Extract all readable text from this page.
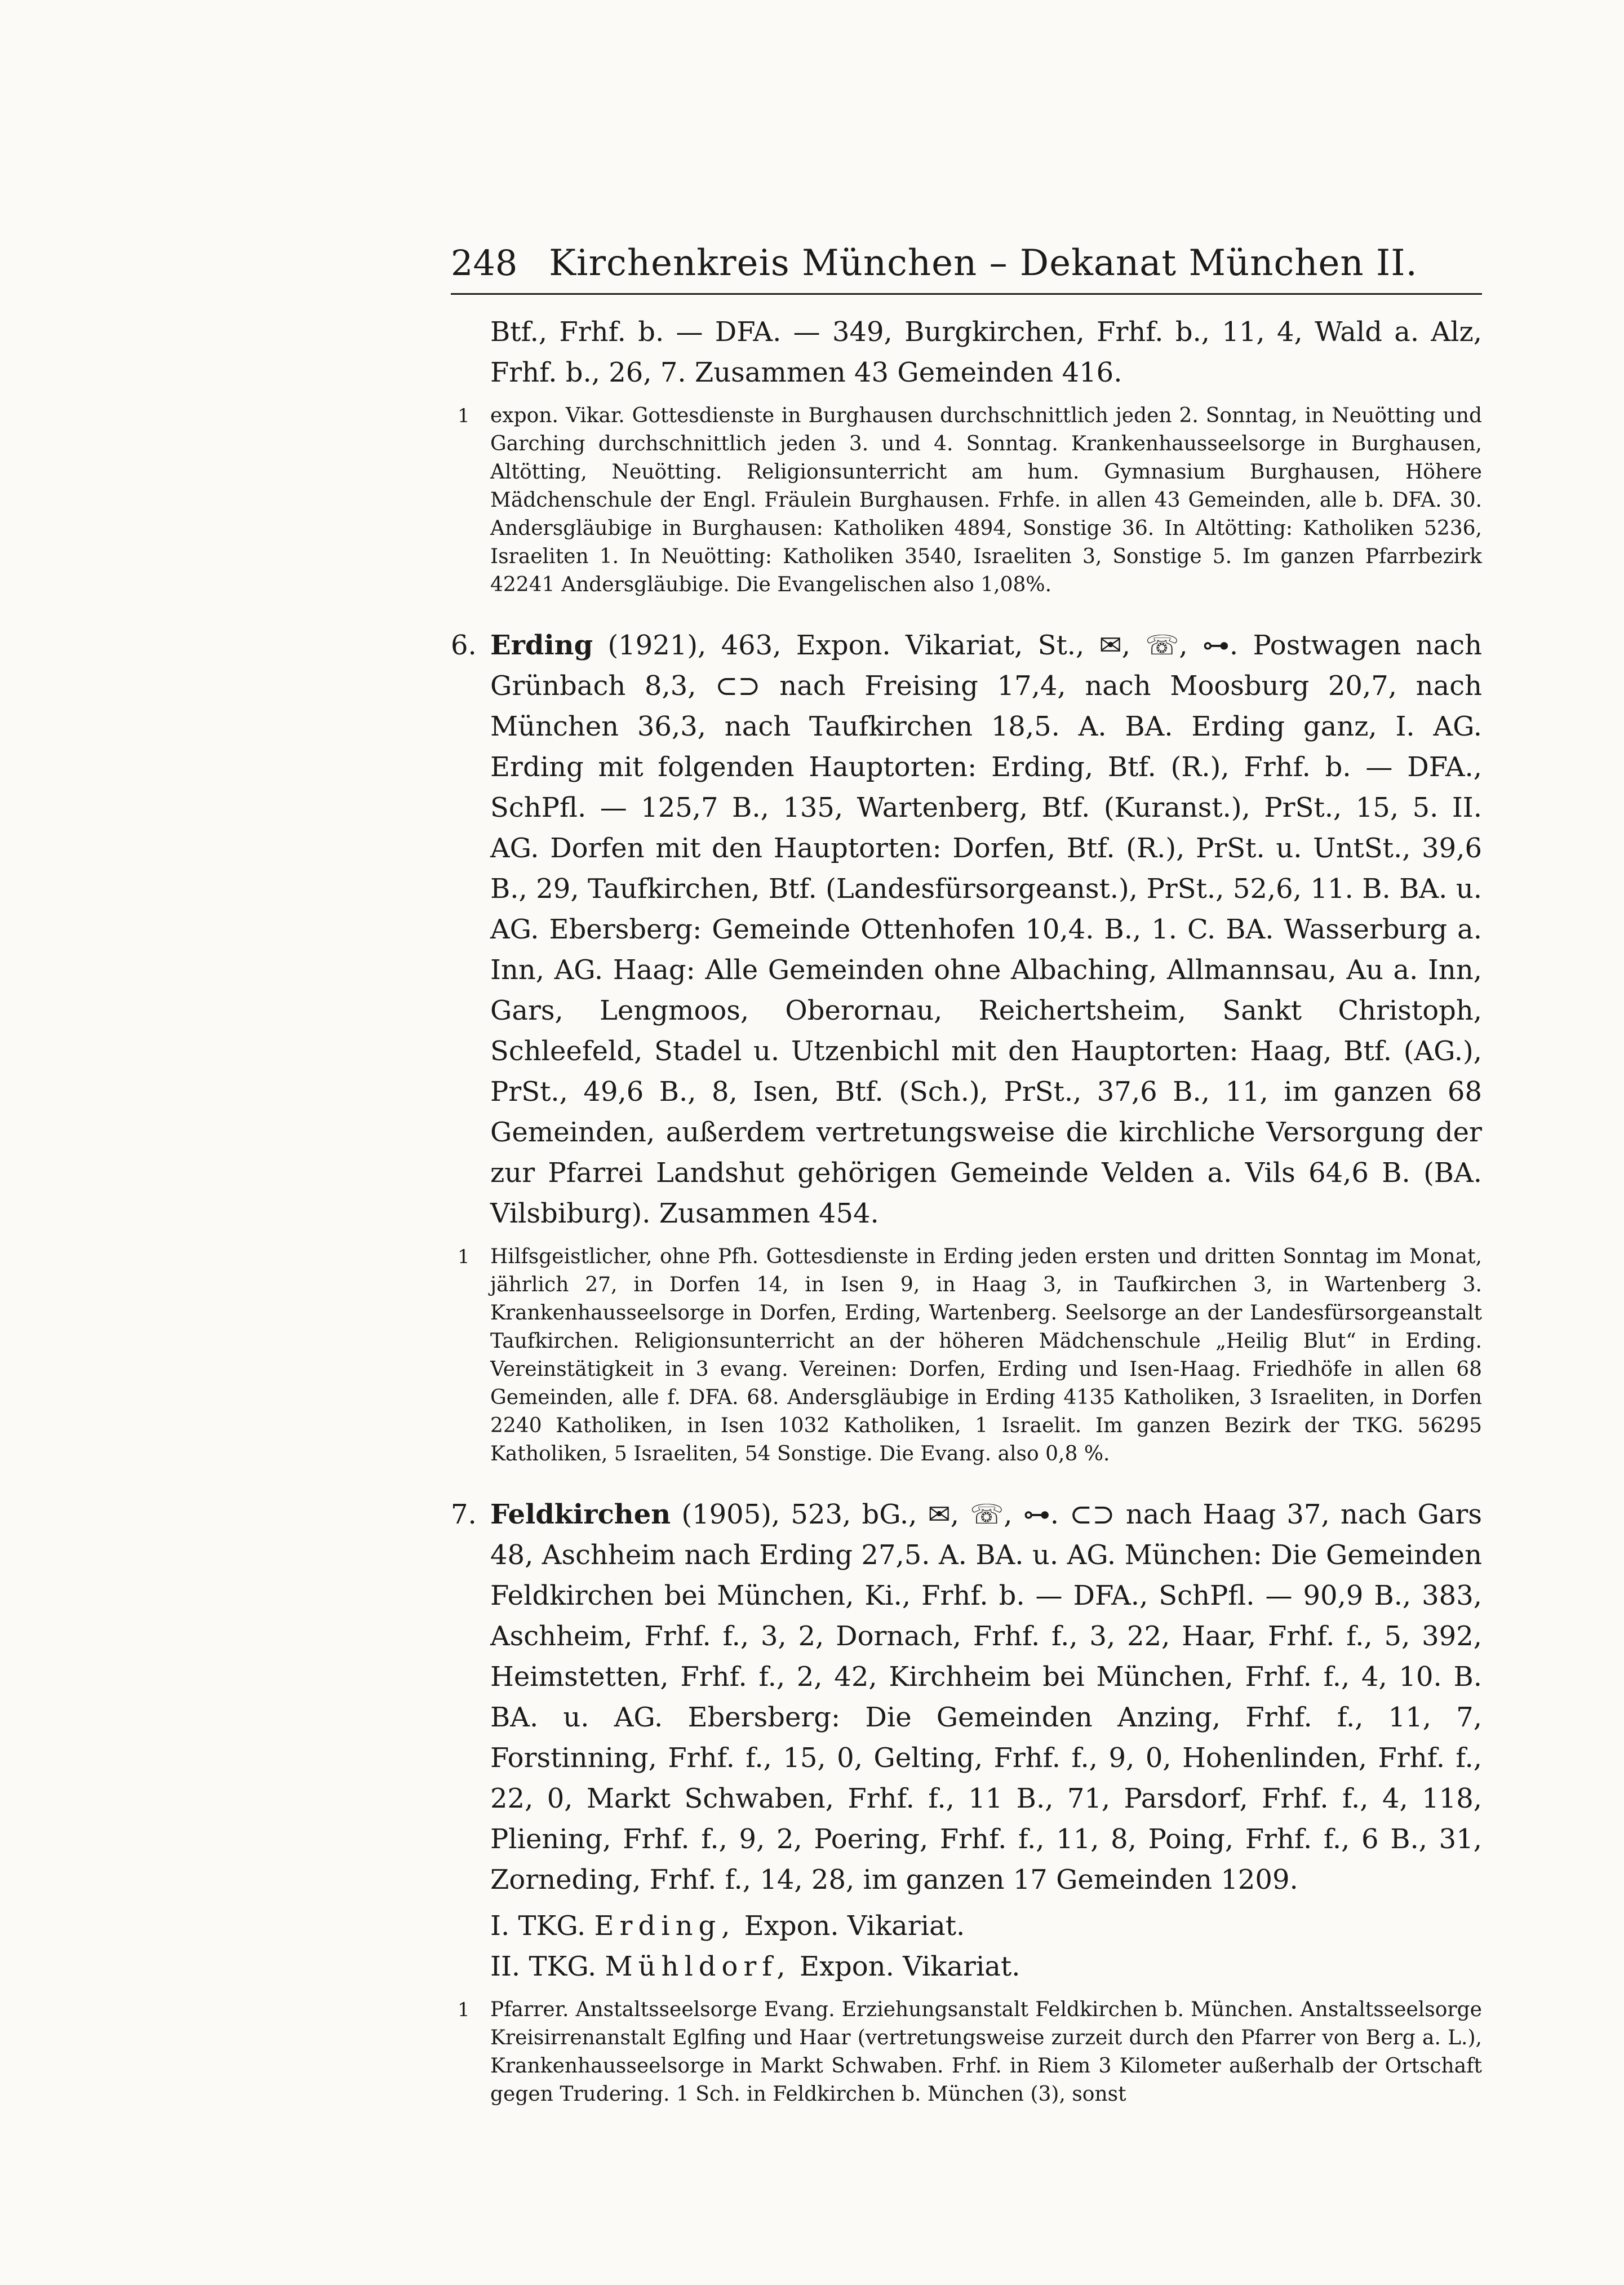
248 Kirchenkreis München – Dekanat München II.

Btf., Frhf. b. — DFA. — 349, Burgkirchen, Frhf. b., 11, 4, Wald a. Alz, Frhf. b., 26, 7. Zusammen 43 Gemeinden 416.

1 expon. Vikar. Gottesdienste in Burghausen durchschnittlich jeden 2. Sonntag, in Neuötting und Garching durchschnittlich jeden 3. und 4. Sonntag. Krankenhausseelsorge in Burghausen, Altötting, Neuötting. Religionsunterricht am hum. Gymnasium Burghausen, Höhere Mädchenschule der Engl. Fräulein Burghausen. Frhfe. in allen 43 Gemeinden, alle b. DFA. 30. Andersgläubige in Burghausen: Katholiken 4894, Sonstige 36. In Altötting: Katholiken 5236, Israeliten 1. In Neuötting: Katholiken 3540, Israeliten 3, Sonstige 5. Im ganzen Pfarrbezirk 42241 Andersgläubige. Die Evangelischen also 1,08%.
6. Erding (1921), 463, Expon. Vikariat, St., ✉, ☏, ⊶. Postwagen nach Grünbach 8,3, ⊂⊃ nach Freising 17,4, nach Moosburg 20,7, nach München 36,3, nach Taufkirchen 18,5. A. BA. Erding ganz, I. AG. Erding mit folgenden Hauptorten: Erding, Btf. (R.), Frhf. b. — DFA., SchPfl. — 125,7 B., 135, Wartenberg, Btf. (Kuranst.), PrSt., 15, 5. II. AG. Dorfen mit den Hauptorten: Dorfen, Btf. (R.), PrSt. u. UntSt., 39,6 B., 29, Taufkirchen, Btf. (Landesfürsorgeanst.), PrSt., 52,6, 11. B. BA. u. AG. Ebersberg: Gemeinde Ottenhofen 10,4. B., 1. C. BA. Wasserburg a. Inn, AG. Haag: Alle Gemeinden ohne Albaching, Allmannsau, Au a. Inn, Gars, Lengmoos, Oberornau, Reichertsheim, Sankt Christoph, Schleefeld, Stadel u. Utzenbichl mit den Hauptorten: Haag, Btf. (AG.), PrSt., 49,6 B., 8, Isen, Btf. (Sch.), PrSt., 37,6 B., 11, im ganzen 68 Gemeinden, außerdem vertretungsweise die kirchliche Versorgung der zur Pfarrei Landshut gehörigen Gemeinde Velden a. Vils 64,6 B. (BA. Vilsbiburg). Zusammen 454.
1 Hilfsgeistlicher, ohne Pfh. Gottesdienste in Erding jeden ersten und dritten Sonntag im Monat, jährlich 27, in Dorfen 14, in Isen 9, in Haag 3, in Taufkirchen 3, in Wartenberg 3. Krankenhausseelsorge in Dorfen, Erding, Wartenberg. Seelsorge an der Landesfürsorgeanstalt Taufkirchen. Religionsunterricht an der höheren Mädchenschule „Heilig Blut“ in Erding. Vereinstätigkeit in 3 evang. Vereinen: Dorfen, Erding und Isen-Haag. Friedhöfe in allen 68 Gemeinden, alle f. DFA. 68. Andersgläubige in Erding 4135 Katholiken, 3 Israeliten, in Dorfen 2240 Katholiken, in Isen 1032 Katholiken, 1 Israelit. Im ganzen Bezirk der TKG. 56295 Katholiken, 5 Israeliten, 54 Sonstige. Die Evang. also 0,8 %.
7. Feldkirchen (1905), 523, bG., ✉, ☏, ⊶. ⊂⊃ nach Haag 37, nach Gars 48, Aschheim nach Erding 27,5. A. BA. u. AG. München: Die Gemeinden Feldkirchen bei München, Ki., Frhf. b. — DFA., SchPfl. — 90,9 B., 383, Aschheim, Frhf. f., 3, 2, Dornach, Frhf. f., 3, 22, Haar, Frhf. f., 5, 392, Heimstetten, Frhf. f., 2, 42, Kirchheim bei München, Frhf. f., 4, 10. B. BA. u. AG. Ebersberg: Die Gemeinden Anzing, Frhf. f., 11, 7, Forstinning, Frhf. f., 15, 0, Gelting, Frhf. f., 9, 0, Hohenlinden, Frhf. f., 22, 0, Markt Schwaben, Frhf. f., 11 B., 71, Parsdorf, Frhf. f., 4, 118, Pliening, Frhf. f., 9, 2, Poering, Frhf. f., 11, 8, Poing, Frhf. f., 6 B., 31, Zorneding, Frhf. f., 14, 28, im ganzen 17 Gemeinden 1209.
I. TKG. Erding, Expon. Vikariat.
II. TKG. Mühldorf, Expon. Vikariat.
1 Pfarrer. Anstaltsseelsorge Evang. Erziehungsanstalt Feldkirchen b. München. Anstaltsseelsorge Kreisirrenanstalt Eglfing und Haar (vertretungsweise zurzeit durch den Pfarrer von Berg a. L.), Krankenhausseelsorge in Markt Schwaben. Frhf. in Riem 3 Kilometer außerhalb der Ortschaft gegen Trudering. 1 Sch. in Feldkirchen b. München (3), sonst
